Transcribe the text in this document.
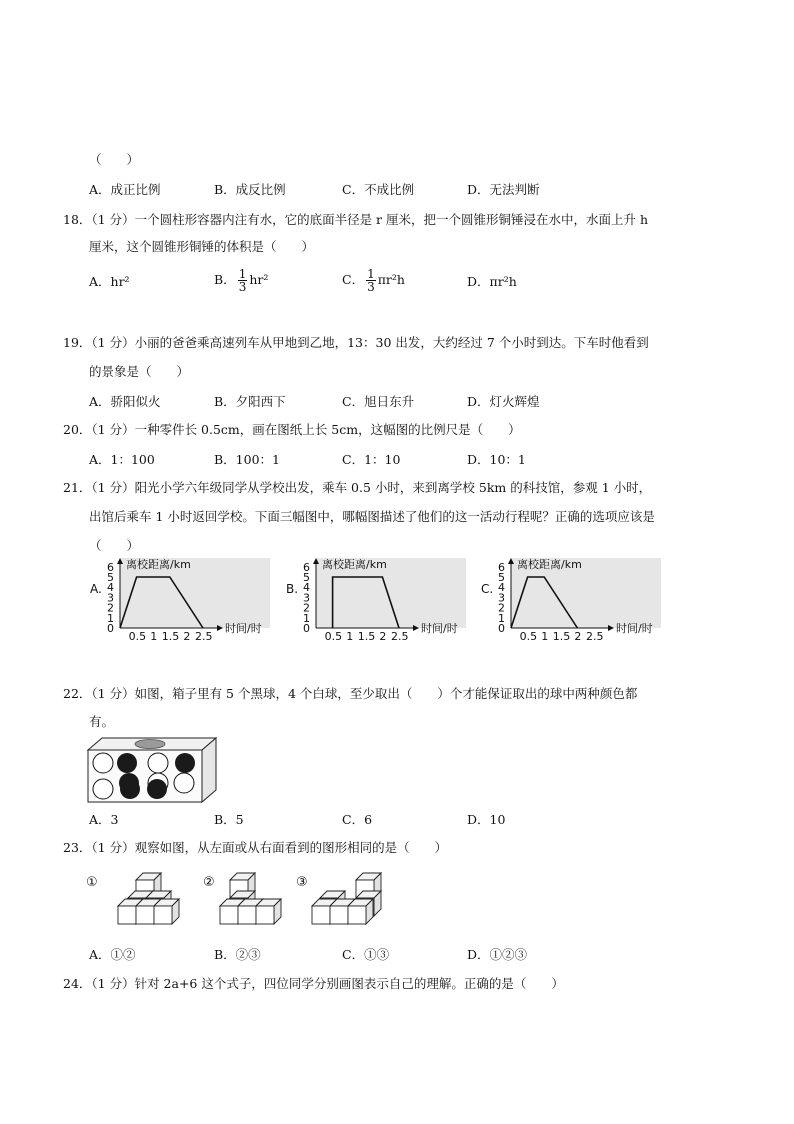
（　　）
A．成正比例	B．成反比例	C．不成比例	D．无法判断
18．（1 分）一个圆柱形容器内注有水，它的底面半径是 r 厘米，把一个圆锥形铜锤浸在水中，水面上升 h
厘米，这个圆锥形铜锤的体积是（　　）
A．hr²	B． $\frac{1}{3} hr^2$	C． $\frac{1}{3} \pi r^2h$	D．πr²h
19．（1 分）小丽的爸爸乘高速列车从甲地到乙地，13：30 出发，大约经过 7 个小时到达。下车时他看到
的景象是（　　）
A．骄阳似火	B．夕阳西下	C．旭日东升	D．灯火辉煌
20．（1 分）一种零件长 0.5cm，画在图纸上长 5cm，这幅图的比例尺是（　　）
A．1：100	B．100：1	C．1：10	D．10：1
21．（1 分）阳光小学六年级同学从学校出发，乘车 0.5 小时，来到离学校 5km 的科技馆，参观 1 小时，
出馆后乘车 1 小时返回学校。下面三幅图中，哪幅图描述了他们的这一活动行程呢？正确的选项应该是
（　　）
A.
离校距离/km
时间/时
0
1
2
3
4
5
6
0.5 1 1.5 2 2.5
B.
离校距离/km
时间/时
0
1
2
3
4
5
6
0.5 1 1.5 2 2.5
C.
离校距离/km
时间/时
0
1
2
3
4
5
6
0.5 1 1.5 2 2.5
22．（1 分）如图，箱子里有 5 个黑球，4 个白球，至少取出（　　）个才能保证取出的球中两种颜色都
有。
A．3	B．5	C．6	D．10
23．（1 分）观察如图，从左面或从右面看到的图形相同的是（　　）
①	②	③
A．①②	B．②③	C．①③	D．①②③
24．（1 分）针对 2a+6 这个式子，四位同学分别画图表示自己的理解。正确的是（　　）
